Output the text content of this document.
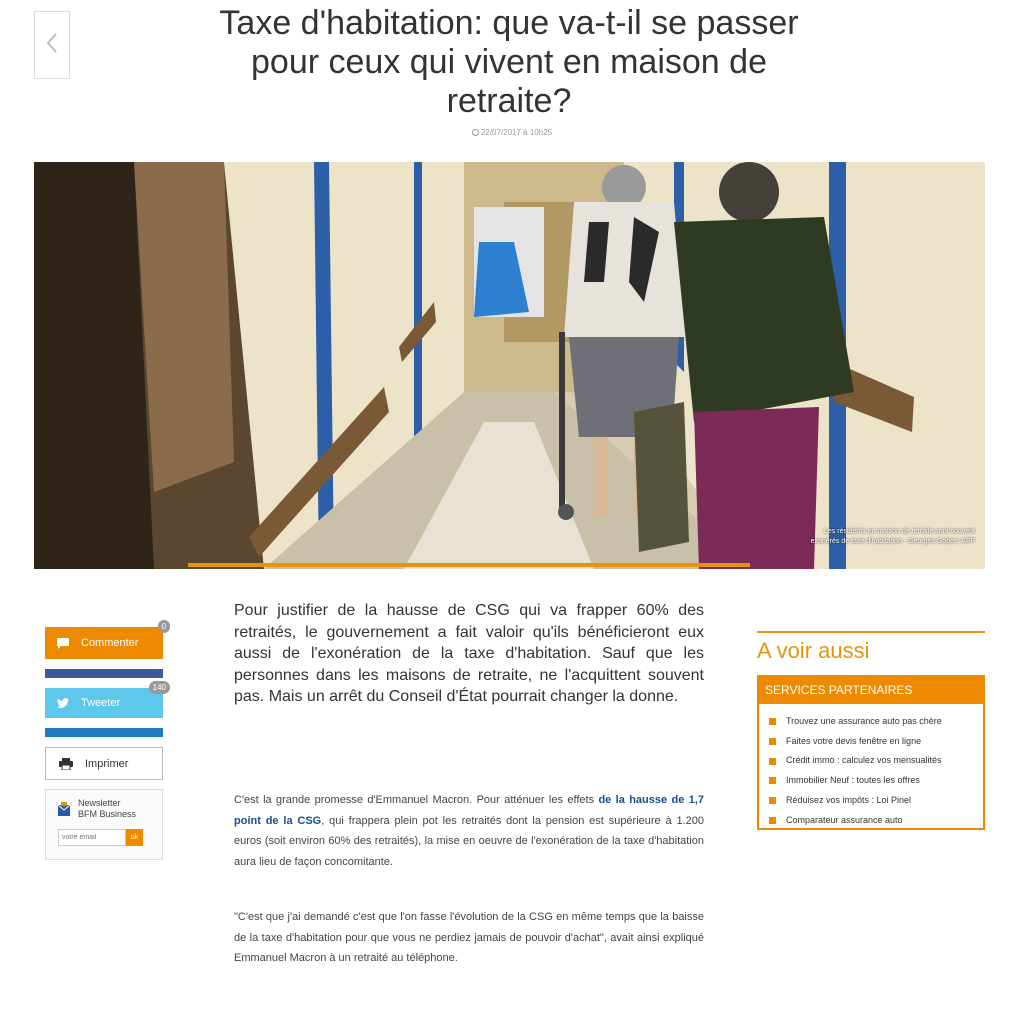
Taxe d'habitation: que va-t-il se passer pour ceux qui vivent en maison de retraite?
22/07/2017 à 10h25
Les résidents en maison de retraite sont souvent exonérés de taxe d'habitation - Georges Gobet / AFP
Commenter
0
Tweeter
140
Imprimer
Newsletter
BFM Business
votre email
ok

Pour justifier de la hausse de CSG qui va frapper 60% des retraités, le gouvernement a fait valoir qu'ils bénéficieront eux aussi de l'exonération de la taxe d'habitation. Sauf que les personnes dans les maisons de retraite, ne l'acquittent souvent pas. Mais un arrêt du Conseil d'État pourrait changer la donne.

C'est la grande promesse d'Emmanuel Macron. Pour atténuer les effets de la hausse de 1,7 point de la CSG, qui frappera plein pot les retraités dont la pension est supérieure à 1.200 euros (soit environ 60% des retraités), la mise en oeuvre de l'exonération de la taxe d'habitation aura lieu de façon concomitante.

"C'est que j'ai demandé c'est que l'on fasse l'évolution de la CSG en même temps que la baisse de la taxe d'habitation pour que vous ne perdiez jamais de pouvoir d'achat", avait ainsi expliqué Emmanuel Macron à un retraité au téléphone.

A voir aussi
SERVICES PARTENAIRES
Trouvez une assurance auto pas chère
Faites votre devis fenêtre en ligne
Crédit immo : calculez vos mensualités
Immobilier Neuf : toutes les offres
Réduisez vos impôts : Loi Pinel
Comparateur assurance auto
